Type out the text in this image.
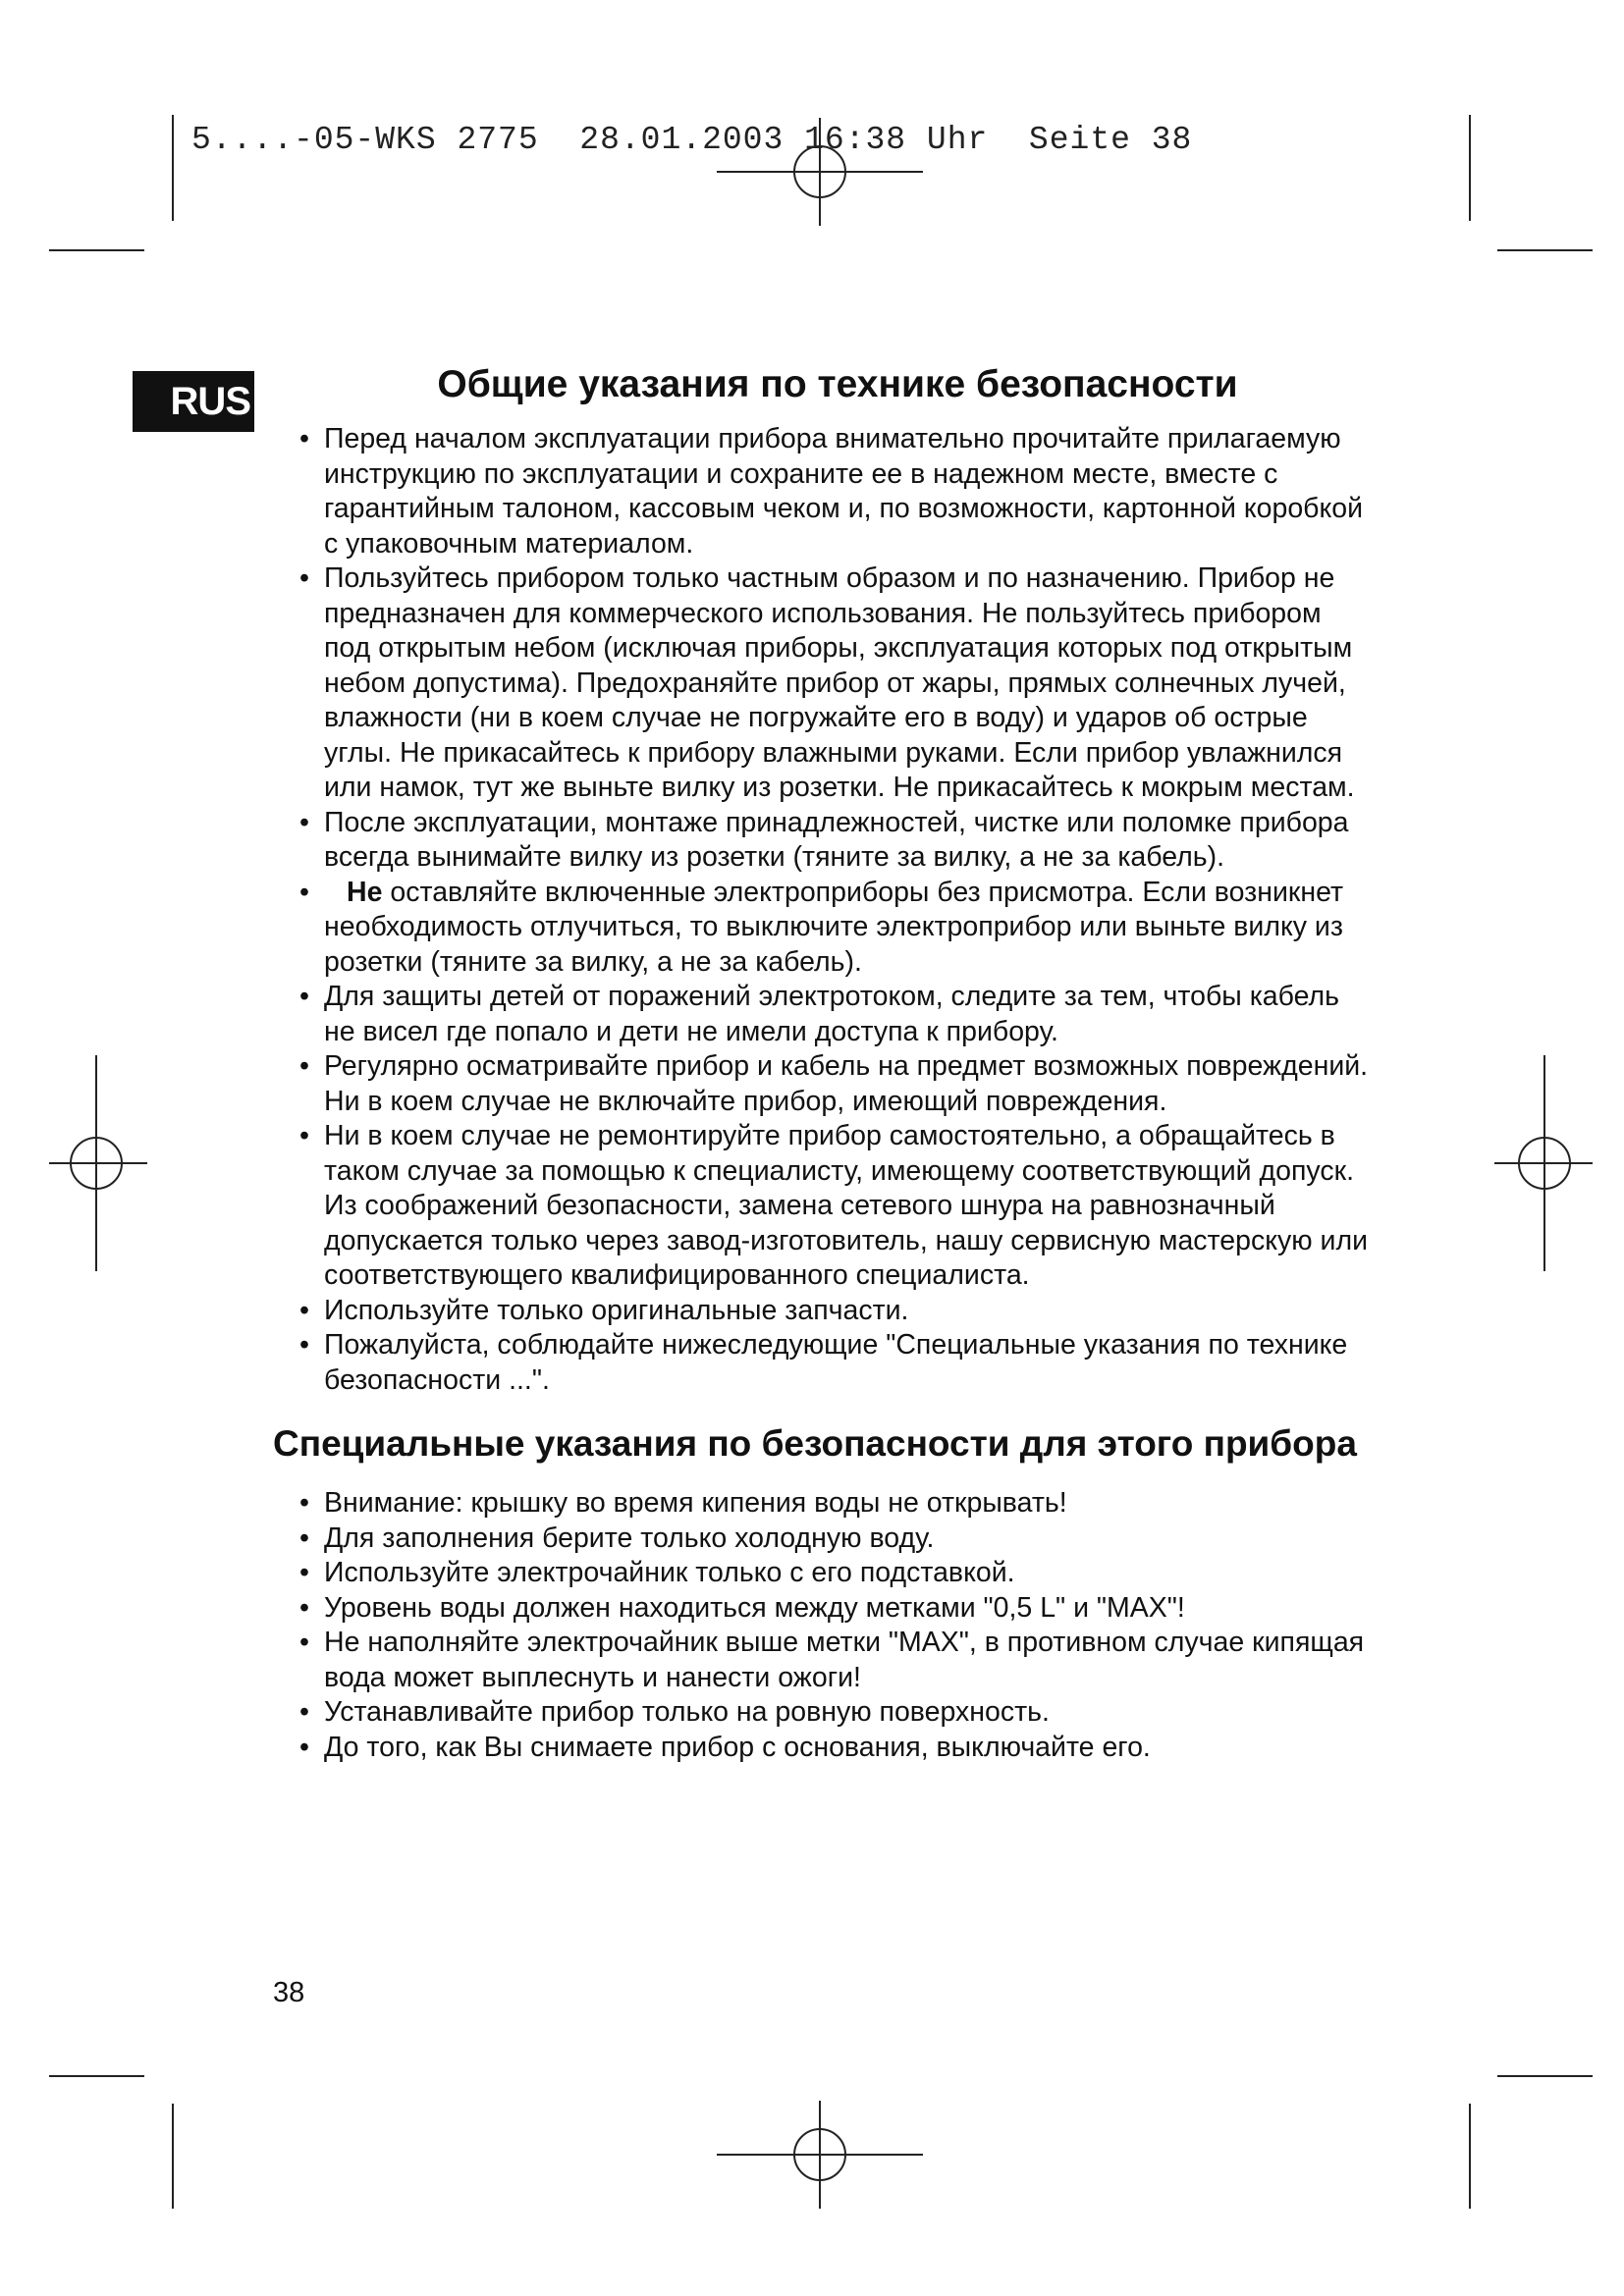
5....-05-WKS 2775  28.01.2003 16:38 Uhr  Seite 38
RUS	Общие указания по технике безопасности
• Перед началом эксплуатации прибора внимательно прочитайте прилагаемую инструкцию по эксплуатации и сохраните ее в надежном месте, вместе с гарантийным талоном, кассовым чеком и, по возможности, картонной коробкой с упаковочным материалом.
• Пользуйтесь прибором только частным образом и по назначению. Прибор не предназначен для коммерческого использования. Не пользуйтесь прибором под открытым небом (исключая приборы, эксплуатация которых под открытым небом допустима). Предохраняйте прибор от жары, прямых солнечных лучей, влажности (ни в коем случае не погружайте его в воду) и ударов об острые углы. Не прикасайтесь к прибору влажными руками. Если прибор увлажнился или намок, тут же выньте вилку из розетки. Не прикасайтесь к мокрым местам.
• После эксплуатации, монтаже принадлежностей, чистке или поломке прибора всегда вынимайте вилку из розетки (тяните за вилку, а не за кабель).
• Не оставляйте включенные электроприборы без присмотра. Если возникнет необходимость отлучиться, то выключите электроприбор или выньте вилку из розетки (тяните за вилку, а не за кабель).
• Для защиты детей от поражений электротоком, следите за тем, чтобы кабель не висел где попало и дети не имели доступа к прибору.
• Регулярно осматривайте прибор и кабель на предмет возможных повреждений. Ни в коем случае не включайте прибор, имеющий повреждения.
• Ни в коем случае не ремонтируйте прибор самостоятельно, а обращайтесь в таком случае за помощью к специалисту, имеющему соответствующий допуск. Из соображений безопасности, замена сетевого шнура на равнозначный допускается только через завод-изготовитель, нашу сервисную мастерскую или соответствующего квалифицированного специалиста.
• Используйте только оригинальные запчасти.
• Пожалуйста, соблюдайте нижеследующие "Специальные указания по технике безопасности ...".
Специальные указания по безопасности для этого прибора
• Внимание: крышку во время кипения воды не открывать!
• Для заполнения берите только холодную воду.
• Используйте электрочайник только с его подставкой.
• Уровень воды должен находиться между метками "0,5 L" и "MAX"!
• Не наполняйте электрочайник выше метки "MAX", в противном случае кипящая вода может выплеснуть и нанести ожоги!
• Устанавливайте прибор только на ровную поверхность.
• До того, как Вы снимаете прибор с основания, выключайте его.
38
